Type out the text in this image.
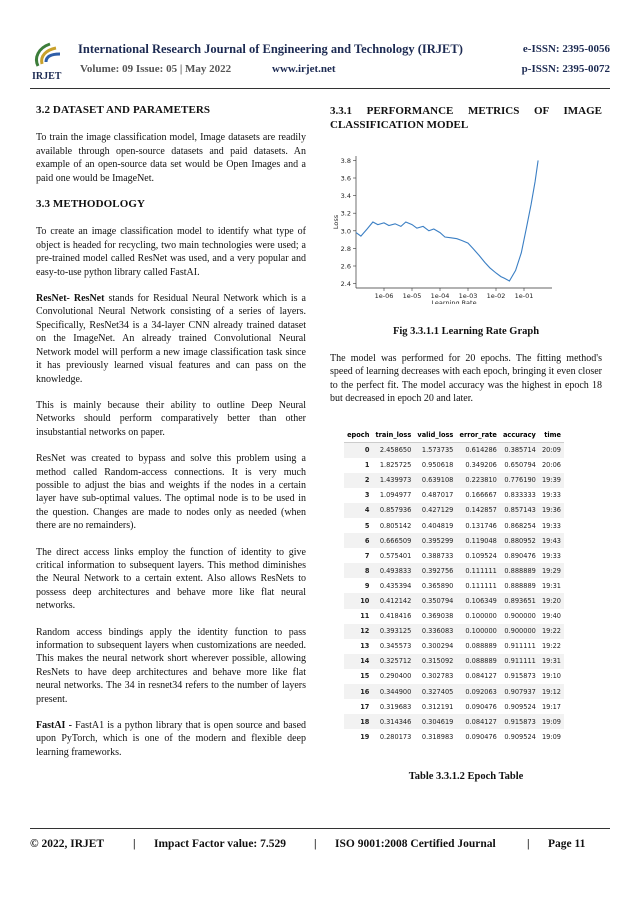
IRJET
International Research Journal of Engineering and Technology (IRJET)	e-ISSN: 2395-0056
Volume: 09 Issue: 05 | May 2022	www.irjet.net	p-ISSN: 2395-0072
3.2 DATASET AND PARAMETERS

To train the image classification model, Image datasets are readily available through open-source datasets and paid datasets. An example of an open-source data set would be Open Images and a paid one would be ImageNet.

3.3 METHODOLOGY

To create an image classification model to identify what type of object is headed for recycling, two main technologies were used; a pre-trained model called ResNet was used, and a very popular and easy-to-use python library called FastAI.

ResNet- ResNet stands for Residual Neural Network which is a Convolutional Neural Network consisting of a series of layers. Specifically, ResNet34 is a 34-layer CNN already trained dataset on the ImageNet. An already trained Convolutional Neural Network model will perform a new image classification task since it has previously learned visual features and can pass on the knowledge.

This is mainly because their ability to outline Deep Neural Networks should perform comparatively better than other insubstantial networks on paper.

ResNet was created to bypass and solve this problem using a method called Random-access connections. It is very much possible to adjust the bias and weights if the nodes in a certain layer have sub-optimal values. The optimal node is to be used in the question. Changes are made to nodes only as needed (when there are no remainders).

The direct access links employ the function of identity to give critical information to subsequent layers. This method diminishes the Neural Network to a certain extent. Also allows ResNets to possess deep architectures and behave more like flat neural networks.

Random access bindings apply the identity function to pass information to subsequent layers when customizations are needed. This makes the neural network short wherever possible, allowing ResNets to have deep architectures and behave more like flat neural networks. The 34 in resnet34 refers to the number of layers present.

FastAI - FastA1 is a python library that is open source and based upon PyTorch, which is one of the modern and flexible deep learning frameworks.

3.3.1 PERFORMANCE METRICS OF IMAGE
CLASSIFICATION MODEL
2.4
2.6
2.8
3.0
3.2
3.4
3.6
3.8
1e-06 1e-05 1e-04 1e-03 1e-02 1e-01
Learning Rate
Loss
Fig 3.3.1.1 Learning Rate Graph

The model was performed for 20 epochs. The fitting method's speed of learning decreases with each epoch, bringing it even closer to the perfect fit. The model accuracy was the highest in epoch 18 but decreased in epoch 20 and later.

epoch	train_loss	valid_loss	error_rate	accuracy	time
0	2.458650	1.573735	0.614286	0.385714	20:09
1	1.825725	0.950618	0.349206	0.650794	20:06
2	1.439973	0.639108	0.223810	0.776190	19:39
3	1.094977	0.487017	0.166667	0.833333	19:33
4	0.857936	0.427129	0.142857	0.857143	19:36
5	0.805142	0.404819	0.131746	0.868254	19:33
6	0.666509	0.395299	0.119048	0.880952	19:43
7	0.575401	0.388733	0.109524	0.890476	19:33
8	0.493833	0.392756	0.111111	0.888889	19:29
9	0.435394	0.365890	0.111111	0.888889	19:31
10	0.412142	0.350794	0.106349	0.893651	19:20
11	0.418416	0.369038	0.100000	0.900000	19:40
12	0.393125	0.336083	0.100000	0.900000	19:22
13	0.345573	0.300294	0.088889	0.911111	19:22
14	0.325712	0.315092	0.088889	0.911111	19:31
15	0.290400	0.302783	0.084127	0.915873	19:10
16	0.344900	0.327405	0.092063	0.907937	19:12
17	0.319683	0.312191	0.090476	0.909524	19:17
18	0.314346	0.304619	0.084127	0.915873	19:09
19	0.280173	0.318983	0.090476	0.909524	19:09
Table 3.3.1.2 Epoch Table
© 2022, IRJET	| Impact Factor value: 7.529 | ISO 9001:2008 Certified Journal	| Page 11
